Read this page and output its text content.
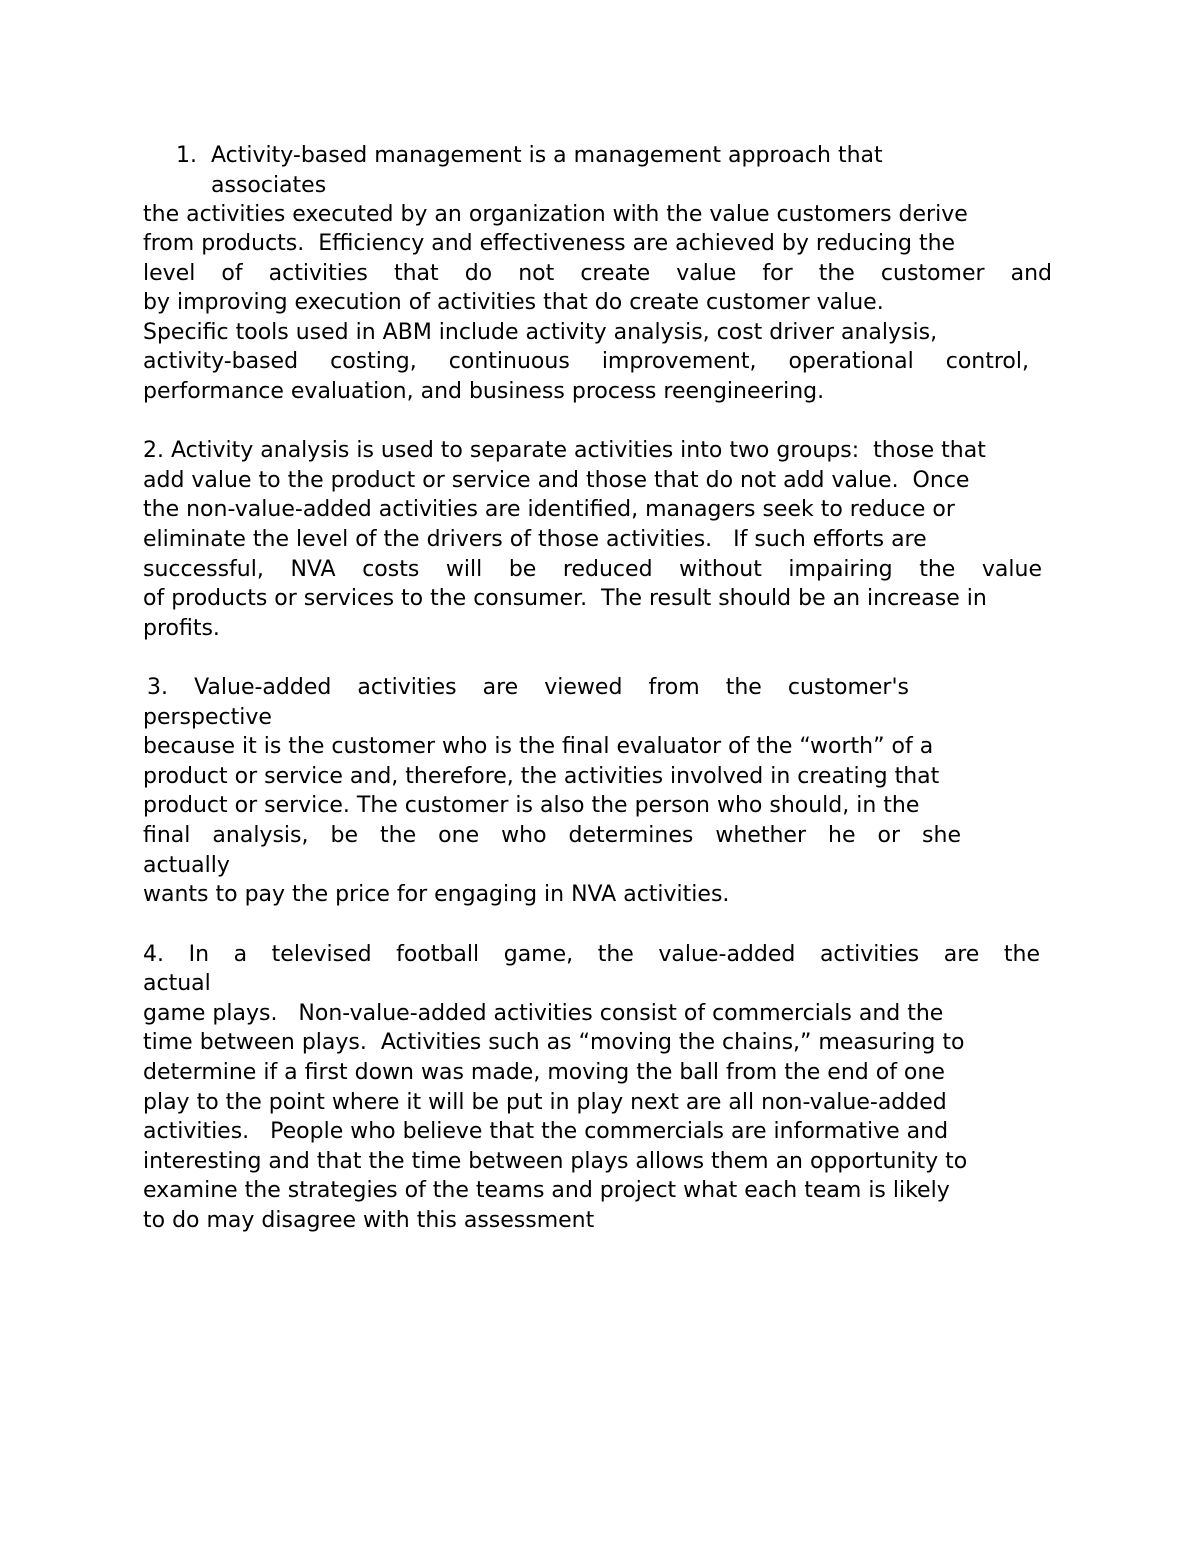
1. Activity-based management is a management approach that
associates
the activities executed by an organization with the value customers derive
from products.  Efficiency and effectiveness are achieved by reducing the
level of activities that do not create value for the customer and
by improving execution of activities that do create customer value.
Specific tools used in ABM include activity analysis, cost driver analysis,
activity-based costing, continuous improvement, operational control,
performance evaluation, and business process reengineering.
2. Activity analysis is used to separate activities into two groups:  those that
add value to the product or service and those that do not add value.  Once
the non-value-added activities are identified, managers seek to reduce or
eliminate the level of the drivers of those activities.   If such efforts are
successful, NVA costs will be reduced without impairing the value
of products or services to the consumer.  The result should be an increase in
profits.
3. Value-added activities are viewed from the customer's
perspective
because it is the customer who is the final evaluator of the “worth” of a
product or service and, therefore, the activities involved in creating that
product or service. The customer is also the person who should, in the
final analysis, be the one who determines whether he or she
actually
wants to pay the price for engaging in NVA activities.
4. In a televised football game, the value-added activities are the
actual
game plays.   Non-value-added activities consist of commercials and the
time between plays.  Activities such as “moving the chains,” measuring to
determine if a first down was made, moving the ball from the end of one
play to the point where it will be put in play next are all non-value-added
activities.   People who believe that the commercials are informative and
interesting and that the time between plays allows them an opportunity to
examine the strategies of the teams and project what each team is likely
to do may disagree with this assessment
